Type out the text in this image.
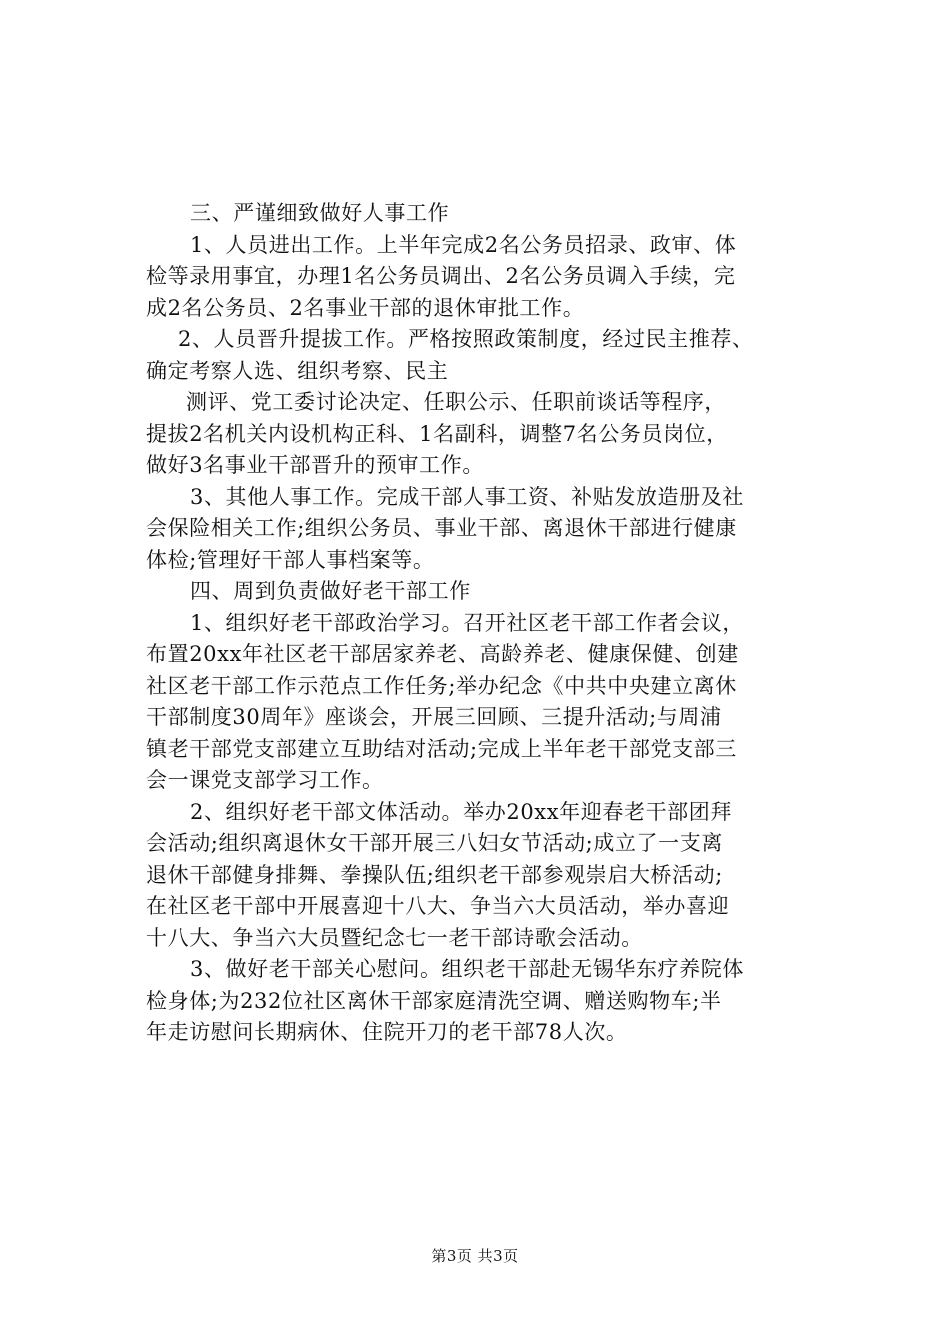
三、严谨细致做好人事工作
1、人员进出工作。上半年完成2名公务员招录、政审、体
检等录用事宜，办理1名公务员调出、2名公务员调入手续，完
成2名公务员、2名事业干部的退休审批工作。
2、人员晋升提拔工作。严格按照政策制度，经过民主推荐、
确定考察人选、组织考察、民主
测评、党工委讨论决定、任职公示、任职前谈话等程序，
提拔2名机关内设机构正科、1名副科，调整7名公务员岗位，
做好3名事业干部晋升的预审工作。
3、其他人事工作。完成干部人事工资、补贴发放造册及社
会保险相关工作;组织公务员、事业干部、离退休干部进行健康
体检;管理好干部人事档案等。
四、周到负责做好老干部工作
1、组织好老干部政治学习。召开社区老干部工作者会议，
布置20xx年社区老干部居家养老、高龄养老、健康保健、创建
社区老干部工作示范点工作任务;举办纪念《中共中央建立离休
干部制度30周年》座谈会，开展三回顾、三提升活动;与周浦
镇老干部党支部建立互助结对活动;完成上半年老干部党支部三
会一课党支部学习工作。
2、组织好老干部文体活动。举办20xx年迎春老干部团拜
会活动;组织离退休女干部开展三八妇女节活动;成立了一支离
退休干部健身排舞、拳操队伍;组织老干部参观崇启大桥活动;
在社区老干部中开展喜迎十八大、争当六大员活动，举办喜迎
十八大、争当六大员暨纪念七一老干部诗歌会活动。
3、做好老干部关心慰问。组织老干部赴无锡华东疗养院体
检身体;为232位社区离休干部家庭清洗空调、赠送购物车;半
年走访慰问长期病休、住院开刀的老干部78人次。
第3页 共3页
